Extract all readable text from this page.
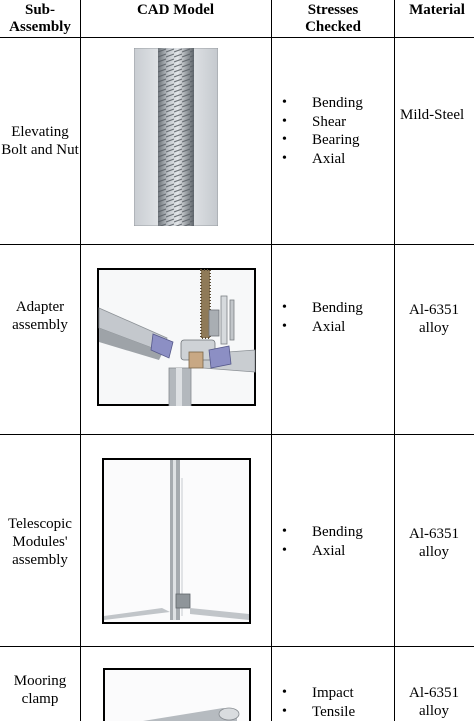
Sub-Assembly
CAD Model	Stresses Checked
Material
Elevating Bolt and Nut
• Bending
• Shear
• Bearing
• Axial
Mild-Steel
Adapter assembly
• Bending
• Axial
Al-6351 alloy
Telescopic Modules' assembly
• Bending
• Axial
Al-6351 alloy
Mooring clamp
•	Impact
• Tensile
Al-6351 alloy
